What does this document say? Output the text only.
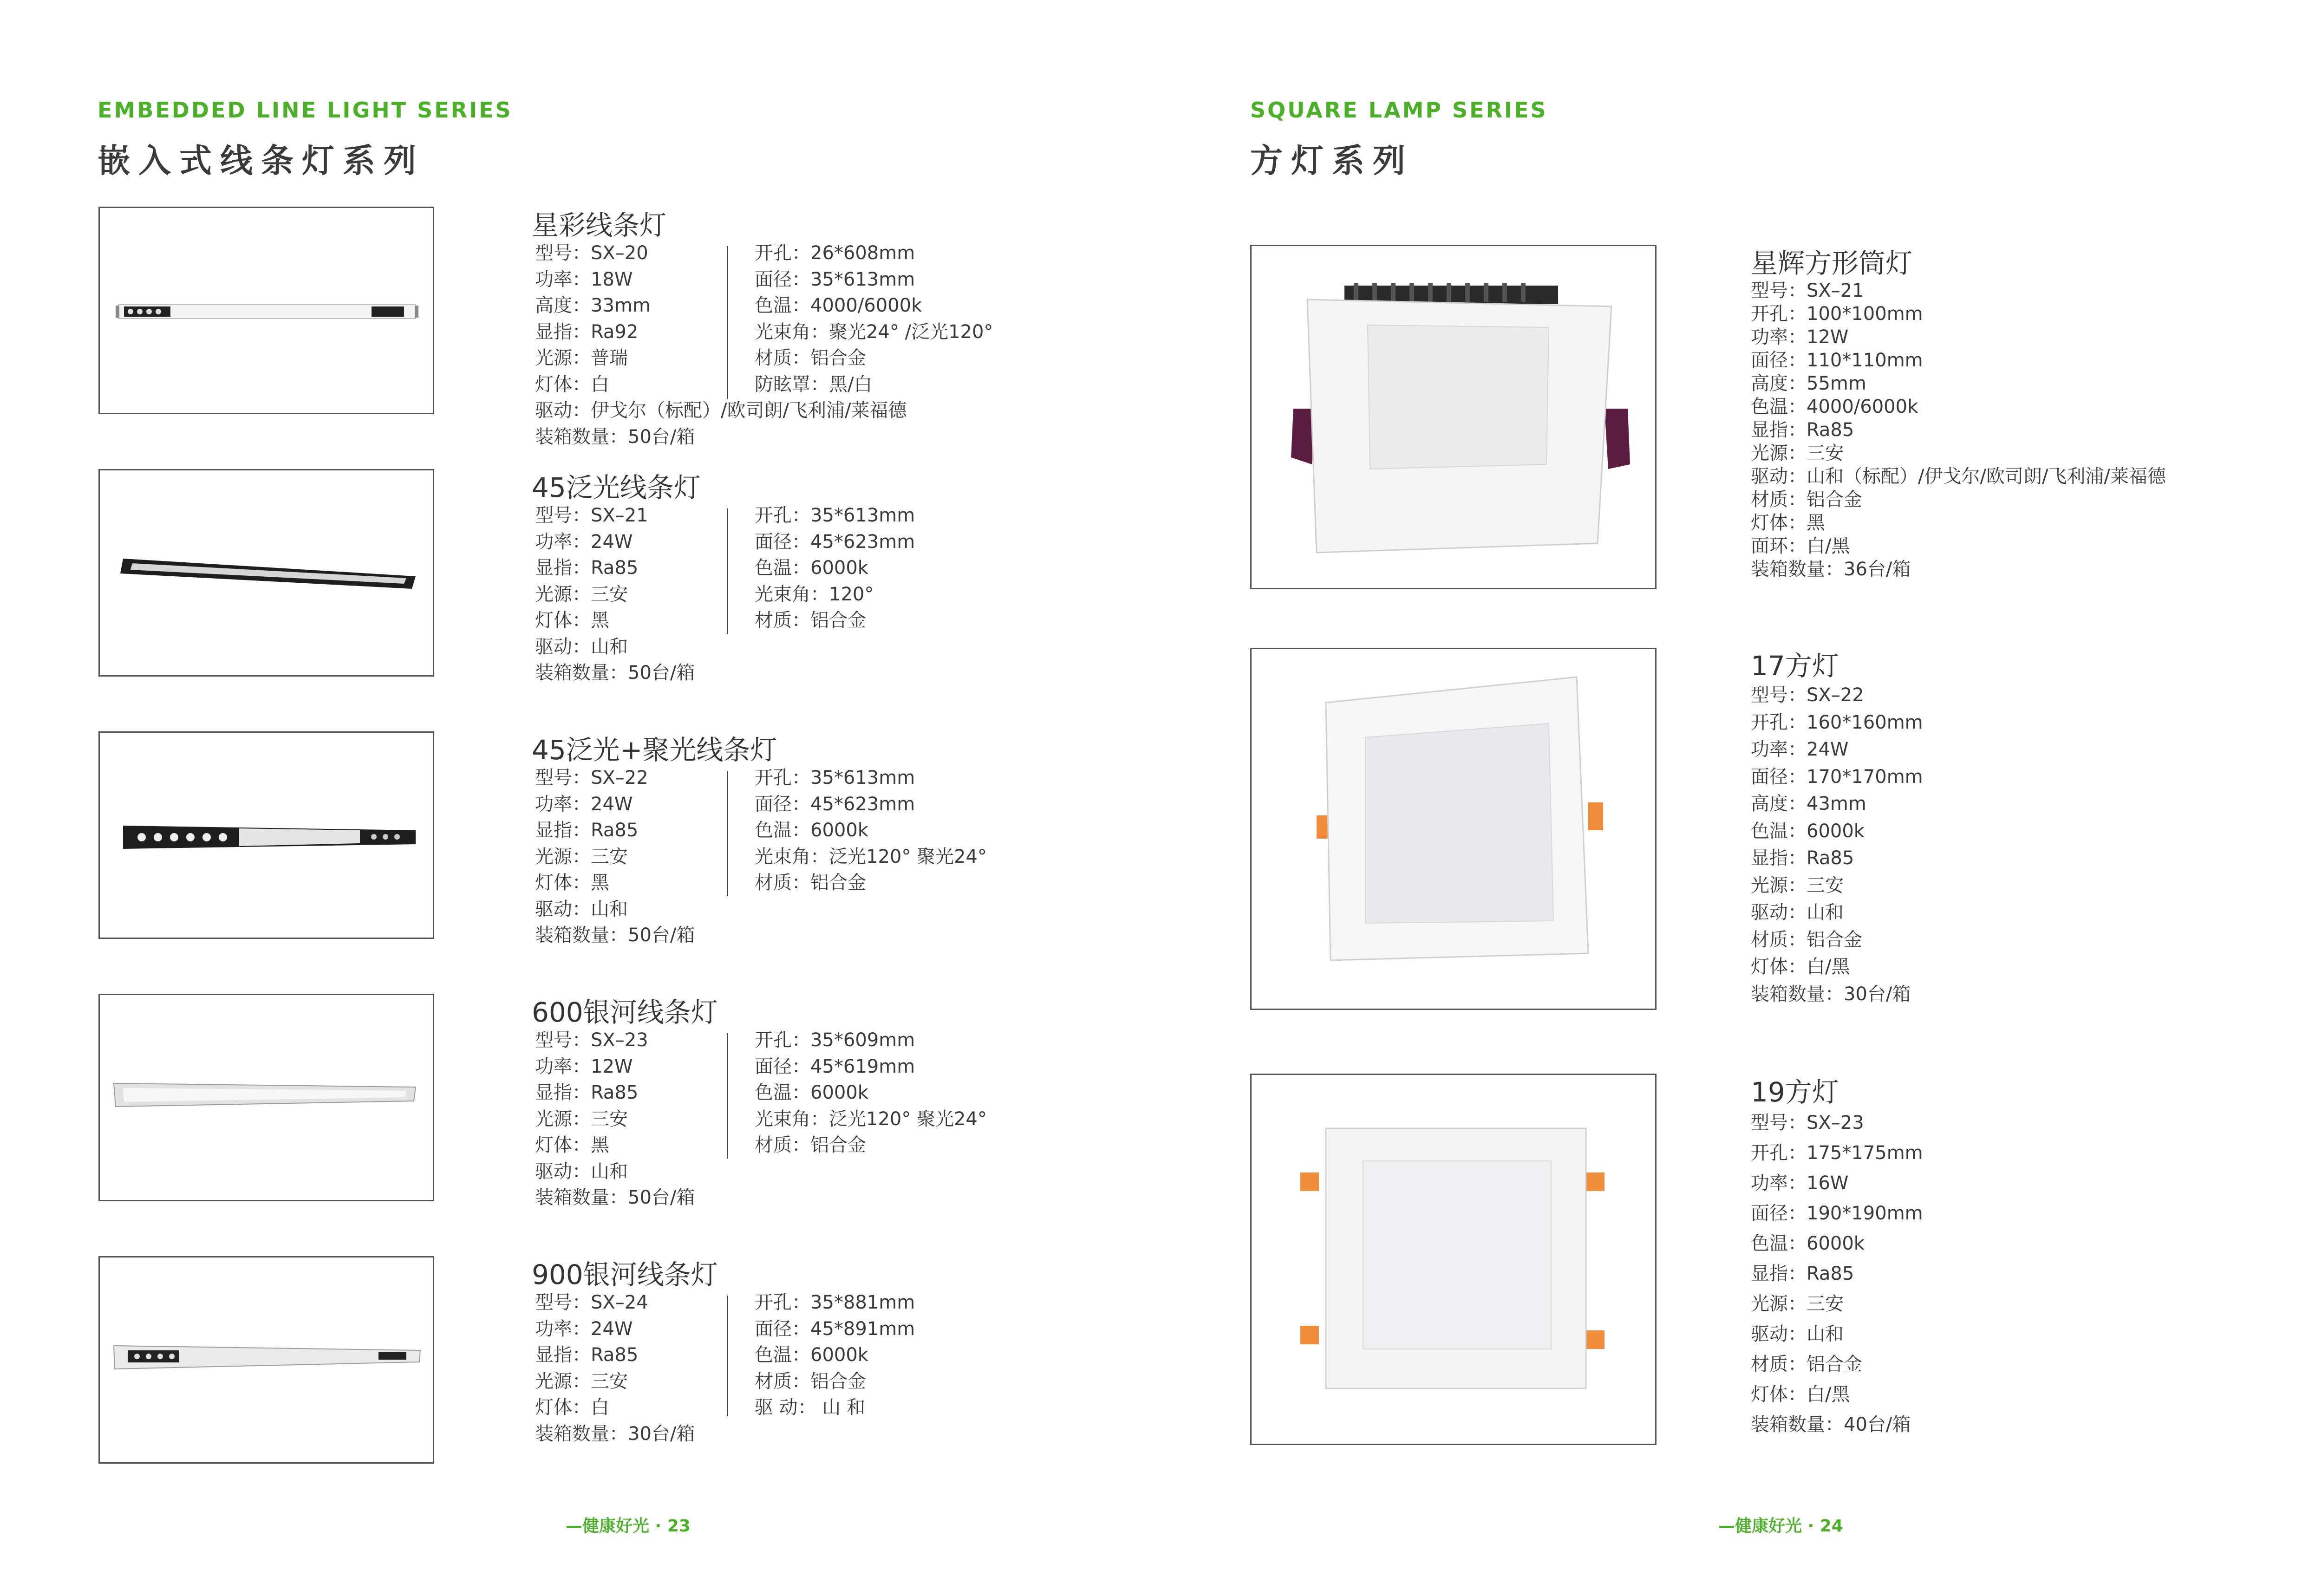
EMBEDDED LINE LIGHT SERIES
嵌入式线条灯系列
星彩线条灯
型号：SX–20
功率：18W
高度：33mm
显指：Ra92
光源：普瑞
灯体：白
驱动：伊戈尔（标配）/欧司朗/飞利浦/莱福德
装箱数量：50台/箱
开孔：26*608mm
面径：35*613mm
色温：4000/6000k
光束角：聚光24° /泛光120°
材质：铝合金
防眩罩：黑/白
45泛光线条灯
型号：SX–21
功率：24W
显指：Ra85
光源：三安
灯体：黑
驱动：山和
装箱数量：50台/箱
开孔：35*613mm
面径：45*623mm
色温：6000k
光束角：120°
材质：铝合金
45泛光+聚光线条灯
型号：SX–22
功率：24W
显指：Ra85
光源：三安
灯体：黑
驱动：山和
装箱数量：50台/箱
开孔：35*613mm
面径：45*623mm
色温：6000k
光束角：泛光120° 聚光24°
材质：铝合金
600银河线条灯
型号：SX–23
功率：12W
显指：Ra85
光源：三安
灯体：黑
驱动：山和
装箱数量：50台/箱
开孔：35*609mm
面径：45*619mm
色温：6000k
光束角：泛光120° 聚光24°
材质：铝合金
900银河线条灯
型号：SX–24
功率：24W
显指：Ra85
光源：三安
灯体：白
装箱数量：30台/箱
开孔：35*881mm
面径：45*891mm
色温：6000k
材质：铝合金
驱 动： 山 和
—健康好光 · 23
SQUARE LAMP SERIES
方灯系列
星辉方形筒灯
型号：SX–21
开孔：100*100mm
功率：12W
面径：110*110mm
高度：55mm
色温：4000/6000k
显指：Ra85
光源：三安
驱动：山和（标配）/伊戈尔/欧司朗/飞利浦/莱福德
材质：铝合金
灯体：黑
面环：白/黑
装箱数量：36台/箱
17方灯
型号：SX–22
开孔：160*160mm
功率：24W
面径：170*170mm
高度：43mm
色温：6000k
显指：Ra85
光源：三安
驱动：山和
材质：铝合金
灯体：白/黑
装箱数量：30台/箱
19方灯
型号：SX–23
开孔：175*175mm
功率：16W
面径：190*190mm
色温：6000k
显指：Ra85
光源：三安
驱动：山和
材质：铝合金
灯体：白/黑
装箱数量：40台/箱
—健康好光 · 24
